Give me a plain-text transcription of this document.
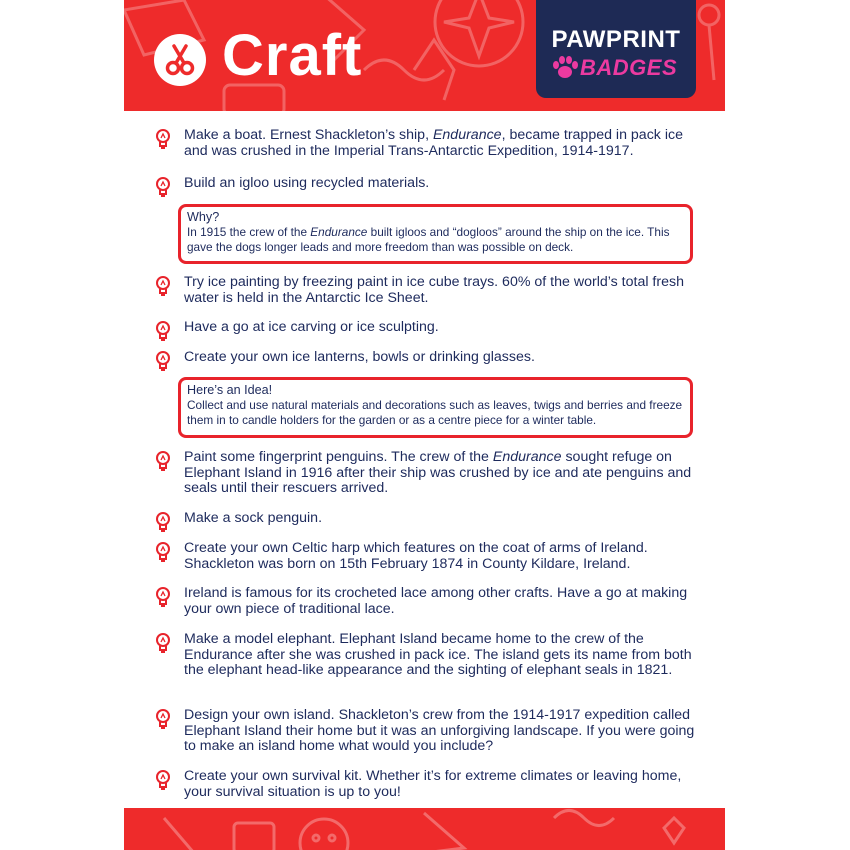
Craft	PAWPRINT
BADGES
Make a boat. Ernest Shackleton’s ship, Endurance, became trapped in pack ice and was crushed in the Imperial Trans-Antarctic Expedition, 1914-1917.
Build an igloo using recycled materials.
Try ice painting by freezing paint in ice cube trays. 60% of the world’s total fresh water is held in the Antarctic Ice Sheet.
Have a go at ice carving or ice sculpting.
Create your own ice lanterns, bowls or drinking glasses.
Paint some fingerprint penguins. The crew of the Endurance sought refuge on Elephant Island in 1916 after their ship was crushed by ice and ate penguins and seals until their rescuers arrived.
Make a sock penguin.
Create your own Celtic harp which features on the coat of arms of Ireland. Shackleton was born on 15th February 1874 in County Kildare, Ireland.
Ireland is famous for its crocheted lace among other crafts. Have a go at making your own piece of traditional lace.
Make a model elephant. Elephant Island became home to the crew of the Endurance after she was crushed in pack ice. The island gets its name from both the elephant head-like appearance and the sighting of elephant seals in 1821.
Design your own island. Shackleton’s crew from the 1914-1917 expedition called Elephant Island their home but it was an unforgiving landscape. If you were going to make an island home what would you include?
Create your own survival kit. Whether it’s for extreme climates or leaving home, your survival situation is up to you!
Why?
In 1915 the crew of the Endurance built igloos and “dogloos” around the ship on the ice. This gave the dogs longer leads and more freedom than was possible on deck.
Here’s an Idea!
Collect and use natural materials and decorations such as leaves, twigs and berries and freeze them in to candle holders for the garden or as a centre piece for a winter table.
